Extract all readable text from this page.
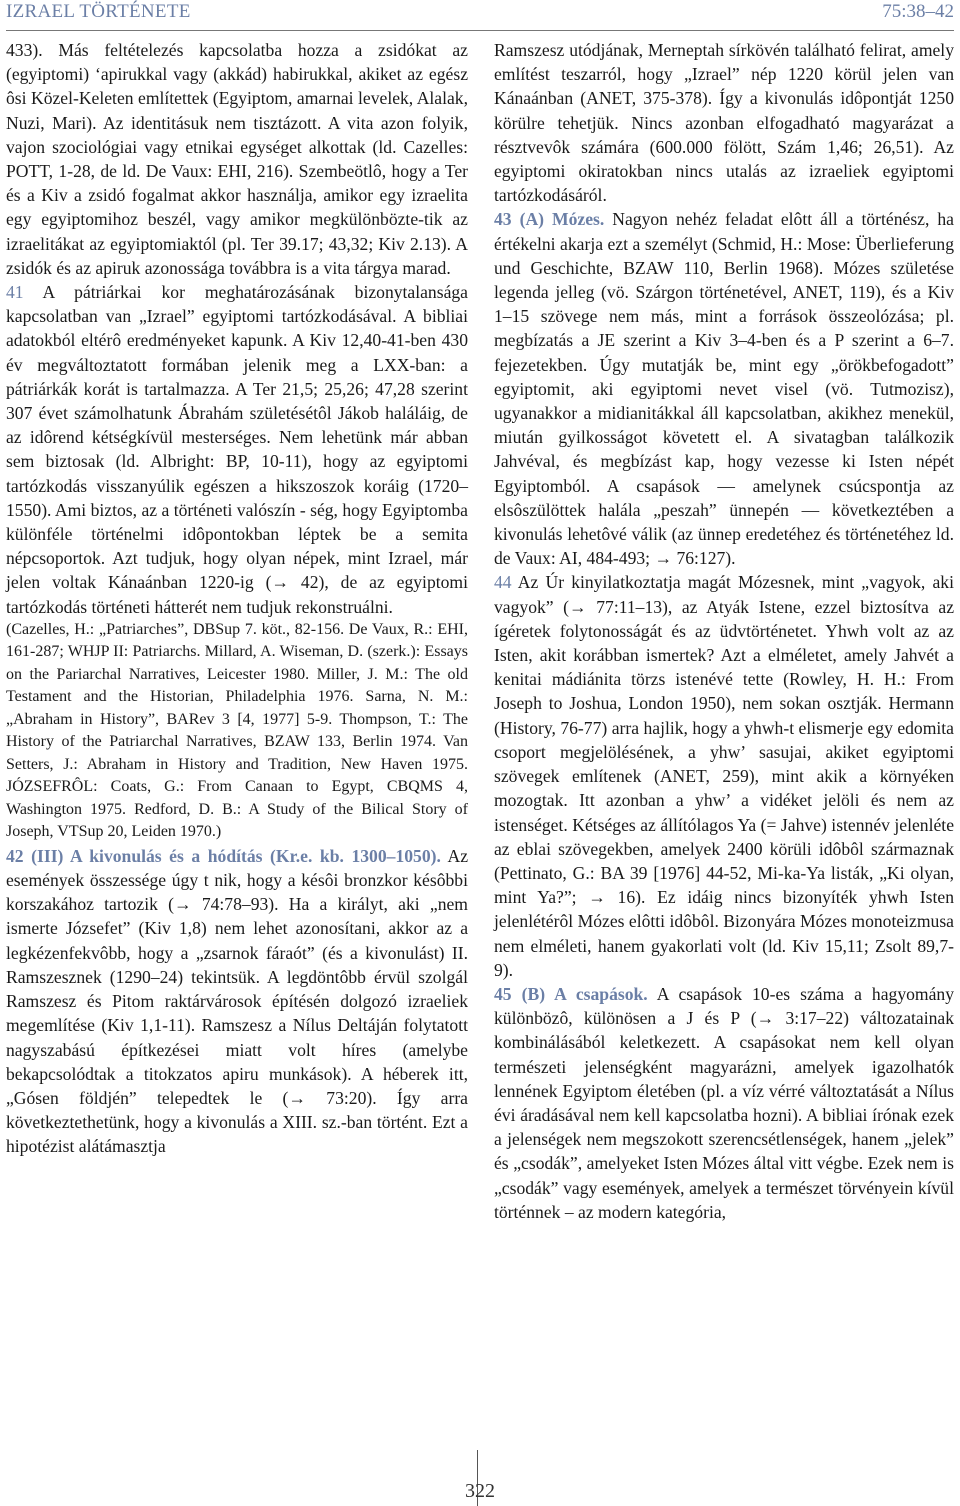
IZRAEL TÖRTÉNETE	75:38–42

433). Más feltételezés kapcsolatba hozza a zsidókat az (egyiptomi) ‘apirukkal vagy (akkád) habirukkal, akiket az egész ôsi Közel-Keleten említettek (Egyiptom, amarnai levelek, Alalak, Nuzi, Mari). Az identitásuk nem tisztázott. A vita azon folyik, vajon szociológiai vagy etnikai egységet alkottak (ld. Cazelles: POTT, 1-28, de ld. De Vaux: EHI, 216). Szembeötlô, hogy a Ter és a Kiv a zsidó fogalmat akkor használja, amikor egy izraelita egy egyiptomihoz beszél, vagy amikor megkülönbözte-tik az izraelitákat az egyiptomiaktól (pl. Ter 39.17; 43,32; Kiv 2.13). A zsidók és az apiruk azonossága továbbra is a vita tárgya marad.

41 A pátriárkai kor meghatározásának bizonytalansága kapcsolatban van „Izrael” egyiptomi tartózkodásával. A bibliai adatokból eltérô eredményeket kapunk. A Kiv 12,40-41-ben 430 év megváltoztatott formában jelenik meg a LXX-ban: a pátriárkák korát is tartalmazza. A Ter 21,5; 25,26; 47,28 szerint 307 évet számolhatunk Ábrahám születésétôl Jákob haláláig, de az idôrend kétségkívül mesterséges. Nem lehetünk már abban sem biztosak (ld. Albright: BP, 10-11), hogy az egyiptomi tartózkodás visszanyúlik egészen a hikszoszok koráig (1720–1550). Ami biztos, az a történeti valószín - ség, hogy Egyiptomba különféle történelmi idôpontokban léptek be a semita népcsoportok. Azt tudjuk, hogy olyan népek, mint Izrael, már jelen voltak Kánaánban 1220-ig (→ 42), de az egyiptomi tartózkodás történeti hátterét nem tudjuk rekonstruálni.

(Cazelles, H.: „Patriarches”, DBSup 7. köt., 82-156. De Vaux, R.: EHI, 161-287; WHJP II: Patriarchs. Millard, A. Wiseman, D. (szerk.): Essays on the Pariarchal Narratives, Leicester 1980. Miller, J. M.: The old Testament and the Historian, Philadelphia 1976. Sarna, N. M.: „Abraham in History”, BARev 3 [4, 1977] 5-9. Thompson, T.: The History of the Patriarchal Narratives, BZAW 133, Berlin 1974. Van Setters, J.: Abraham in History and Tradition, New Haven 1975. JÓZSEFRÔL: Coats, G.: From Canaan to Egypt, CBQMS 4, Washington 1975. Redford, D. B.: A Study of the Bilical Story of Joseph, VTSup 20, Leiden 1970.)

42 (III) A kivonulás és a hódítás (Kr.e. kb. 1300–1050). Az események összessége úgy t nik, hogy a késôi bronzkor késôbbi korszakához tartozik (→ 74:78–93). Ha a királyt, aki „nem ismerte Józsefet” (Kiv 1,8) nem lehet azonosítani, akkor az a legkézenfekvôbb, hogy a „zsarnok fáraót” (és a kivonulást) II. Ramszesznek (1290–24) tekintsük. A legdöntôbb érvül szolgál Ramszesz és Pitom raktárvárosok építésén dolgozó izraeliek megemlítése (Kiv 1,1-11). Ramszesz a Nílus Deltáján folytatott nagyszabású építkezései miatt volt híres (amelybe bekapcsolódtak a titokzatos apiru munkások). A héberek itt, „Gósen földjén” telepedtek le (→ 73:20). Így arra következtethetünk, hogy a kivonulás a XIII. sz.-ban történt. Ezt a hipotézist alátámasztja

Ramszesz utódjának, Merneptah sírkövén található felirat, amely említést teszarról, hogy „Izrael” nép 1220 körül jelen van Kánaánban (ANET, 375-378). Így a kivonulás idôpontját 1250 körülre tehetjük. Nincs azonban elfogadható magyarázat a résztvevôk számára (600.000 fölött, Szám 1,46; 26,51). Az egyiptomi okiratokban nincs utalás az izraeliek egyiptomi tartózkodásáról.

43 (A) Mózes. Nagyon nehéz feladat elôtt áll a történész, ha értékelni akarja ezt a személyt (Schmid, H.: Mose: Überlieferung und Geschichte, BZAW 110, Berlin 1968). Mózes születése legenda jelleg (vö. Szárgon történetével, ANET, 119), és a Kiv 1–15 szövege nem más, mint a források összeolózása; pl. megbízatás a JE szerint a Kiv 3–4-ben és a P szerint a 6–7. fejezetekben. Úgy mutatják be, mint egy „örökbefogadott” egyiptomit, aki egyiptomi nevet visel (vö. Tutmozisz), ugyanakkor a midianitákkal áll kapcsolatban, akikhez menekül, miután gyilkosságot követett el. A sivatagban találkozik Jahvéval, és megbízást kap, hogy vezesse ki Isten népét Egyiptomból. A csapások — amelynek csúcspontja az elsôszülöttek halála „peszah” ünnepén — következtében a kivonulás lehetôvé válik (az ünnep eredetéhez és történetéhez ld. de Vaux: AI, 484-493; → 76:127).

44 Az Úr kinyilatkoztatja magát Mózesnek, mint „vagyok, aki vagyok” (→ 77:11–13), az Atyák Istene, ezzel biztosítva az ígéretek folytonosságát és az üdvtörténetet. Yhwh volt az az Isten, akit korábban ismertek? Azt a elméletet, amely Jahvét a kenitai mádiánita törzs istenévé tette (Rowley, H. H.: From Joseph to Joshua, London 1950), nem sokan osztják. Hermann (History, 76-77) arra hajlik, hogy a yhwh-t elismerje egy edomita csoport megjelölésének, a yhw’ sasujai, akiket egyiptomi szövegek említenek (ANET, 259), mint akik a környéken mozogtak. Itt azonban a yhw’ a vidéket jelöli és nem az istenséget. Kétséges az állítólagos Ya (= Jahve) istennév jelenléte az eblai szövegekben, amelyek 2400 körüli idôbôl származnak (Pettinato, G.: BA 39 [1976] 44-52, Mi-ka-Ya listák, „Ki olyan, mint Ya?”; → 16). Ez idáig nincs bizonyíték yhwh Isten jelenlétérôl Mózes elôtti idôbôl. Bizonyára Mózes monoteizmusa nem elméleti, hanem gyakorlati volt (ld. Kiv 15,11; Zsolt 89,7-9).

45 (B) A csapások. A csapások 10-es száma a hagyomány különbözô, különösen a J és P (→ 3:17–22) változatainak kombinálásából keletkezett. A csapásokat nem kell olyan természeti jelenségként magyarázni, amelyek igazolhatók lennének Egyiptom életében (pl. a víz vérré változtatását a Nílus évi áradásával nem kell kapcsolatba hozni). A bibliai írónak ezek a jelenségek nem megszokott szerencsétlenségek, hanem „jelek” és „csodák”, amelyeket Isten Mózes által vitt végbe. Ezek nem is „csodák” vagy események, amelyek a természet törvényein kívül történnek – az modern kategória,

322
